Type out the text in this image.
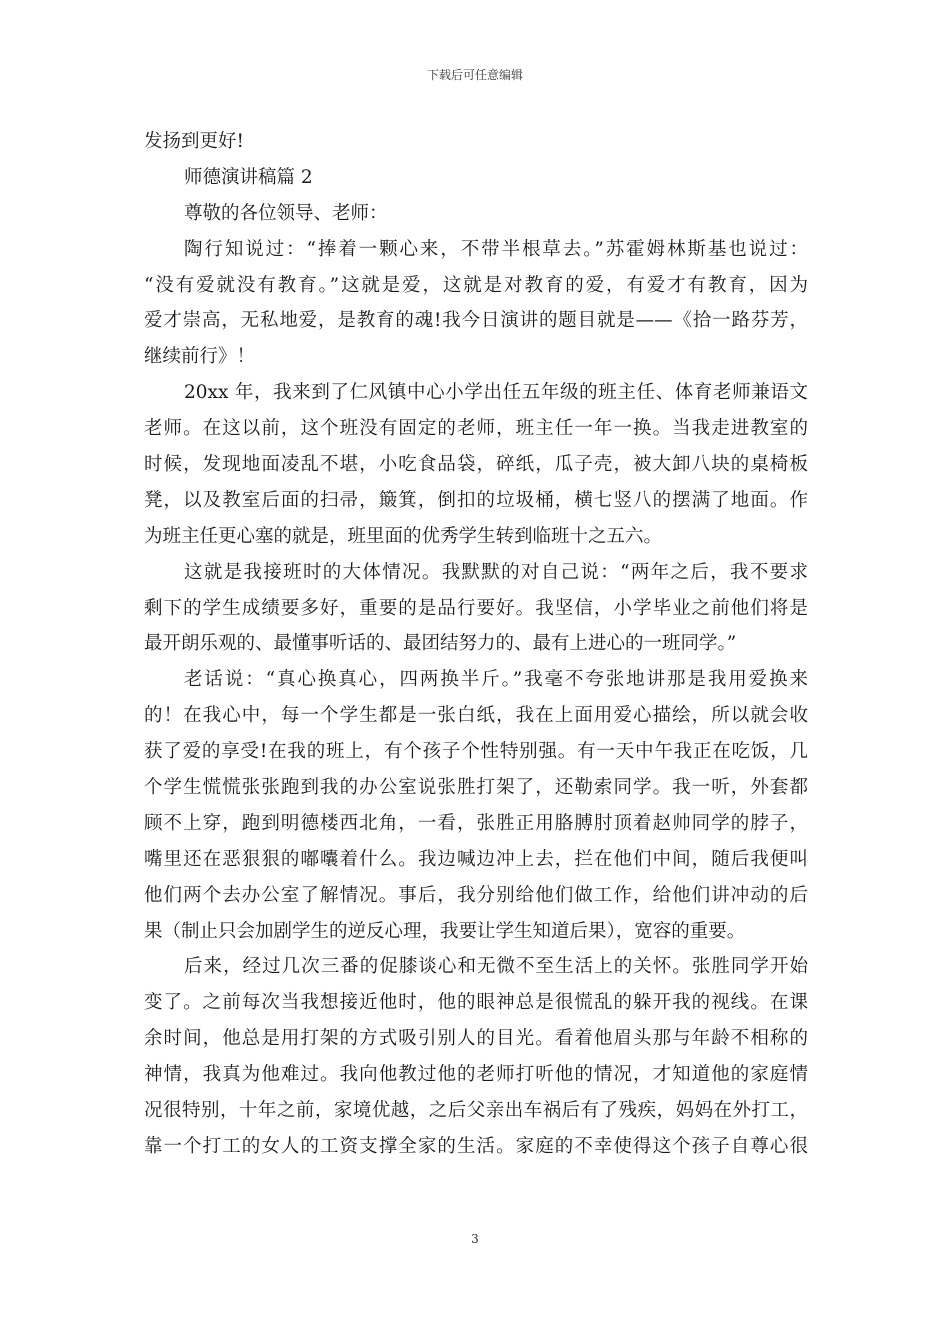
下载后可任意编辑
发扬到更好!
师德演讲稿篇 2
尊敬的各位领导、老师：
陶行知说过：“捧着一颗心来，不带半根草去。”苏霍姆林斯基也说过：
“没有爱就没有教育。”这就是爱，这就是对教育的爱，有爱才有教育，因为
爱才崇高，无私地爱，是教育的魂!我今日演讲的题目就是——《拾一路芬芳，
继续前行》！
20xx 年，我来到了仁风镇中心小学出任五年级的班主任、体育老师兼语文
老师。在这以前，这个班没有固定的老师，班主任一年一换。当我走进教室的
时候，发现地面凌乱不堪，小吃食品袋，碎纸，瓜子壳，被大卸八块的桌椅板
凳，以及教室后面的扫帚，簸箕，倒扣的垃圾桶，横七竖八的摆满了地面。作
为班主任更心塞的就是，班里面的优秀学生转到临班十之五六。
这就是我接班时的大体情况。我默默的对自己说：“两年之后，我不要求
剩下的学生成绩要多好，重要的是品行要好。我坚信，小学毕业之前他们将是
最开朗乐观的、最懂事听话的、最团结努力的、最有上进心的一班同学。”
老话说：“真心换真心，四两换半斤。”我毫不夸张地讲那是我用爱换来
的！在我心中，每一个学生都是一张白纸，我在上面用爱心描绘，所以就会收
获了爱的享受!在我的班上，有个孩子个性特别强。有一天中午我正在吃饭，几
个学生慌慌张张跑到我的办公室说张胜打架了，还勒索同学。我一听，外套都
顾不上穿，跑到明德楼西北角，一看，张胜正用胳膊肘顶着赵帅同学的脖子，
嘴里还在恶狠狠的嘟囔着什么。我边喊边冲上去，拦在他们中间，随后我便叫
他们两个去办公室了解情况。事后，我分别给他们做工作，给他们讲冲动的后
果（制止只会加剧学生的逆反心理，我要让学生知道后果），宽容的重要。
后来，经过几次三番的促膝谈心和无微不至生活上的关怀。张胜同学开始
变了。之前每次当我想接近他时，他的眼神总是很慌乱的躲开我的视线。在课
余时间，他总是用打架的方式吸引别人的目光。看着他眉头那与年龄不相称的
神情，我真为他难过。我向他教过他的老师打听他的情况，才知道他的家庭情
况很特别，十年之前，家境优越，之后父亲出车祸后有了残疾，妈妈在外打工，
靠一个打工的女人的工资支撑全家的生活。家庭的不幸使得这个孩子自尊心很
3
